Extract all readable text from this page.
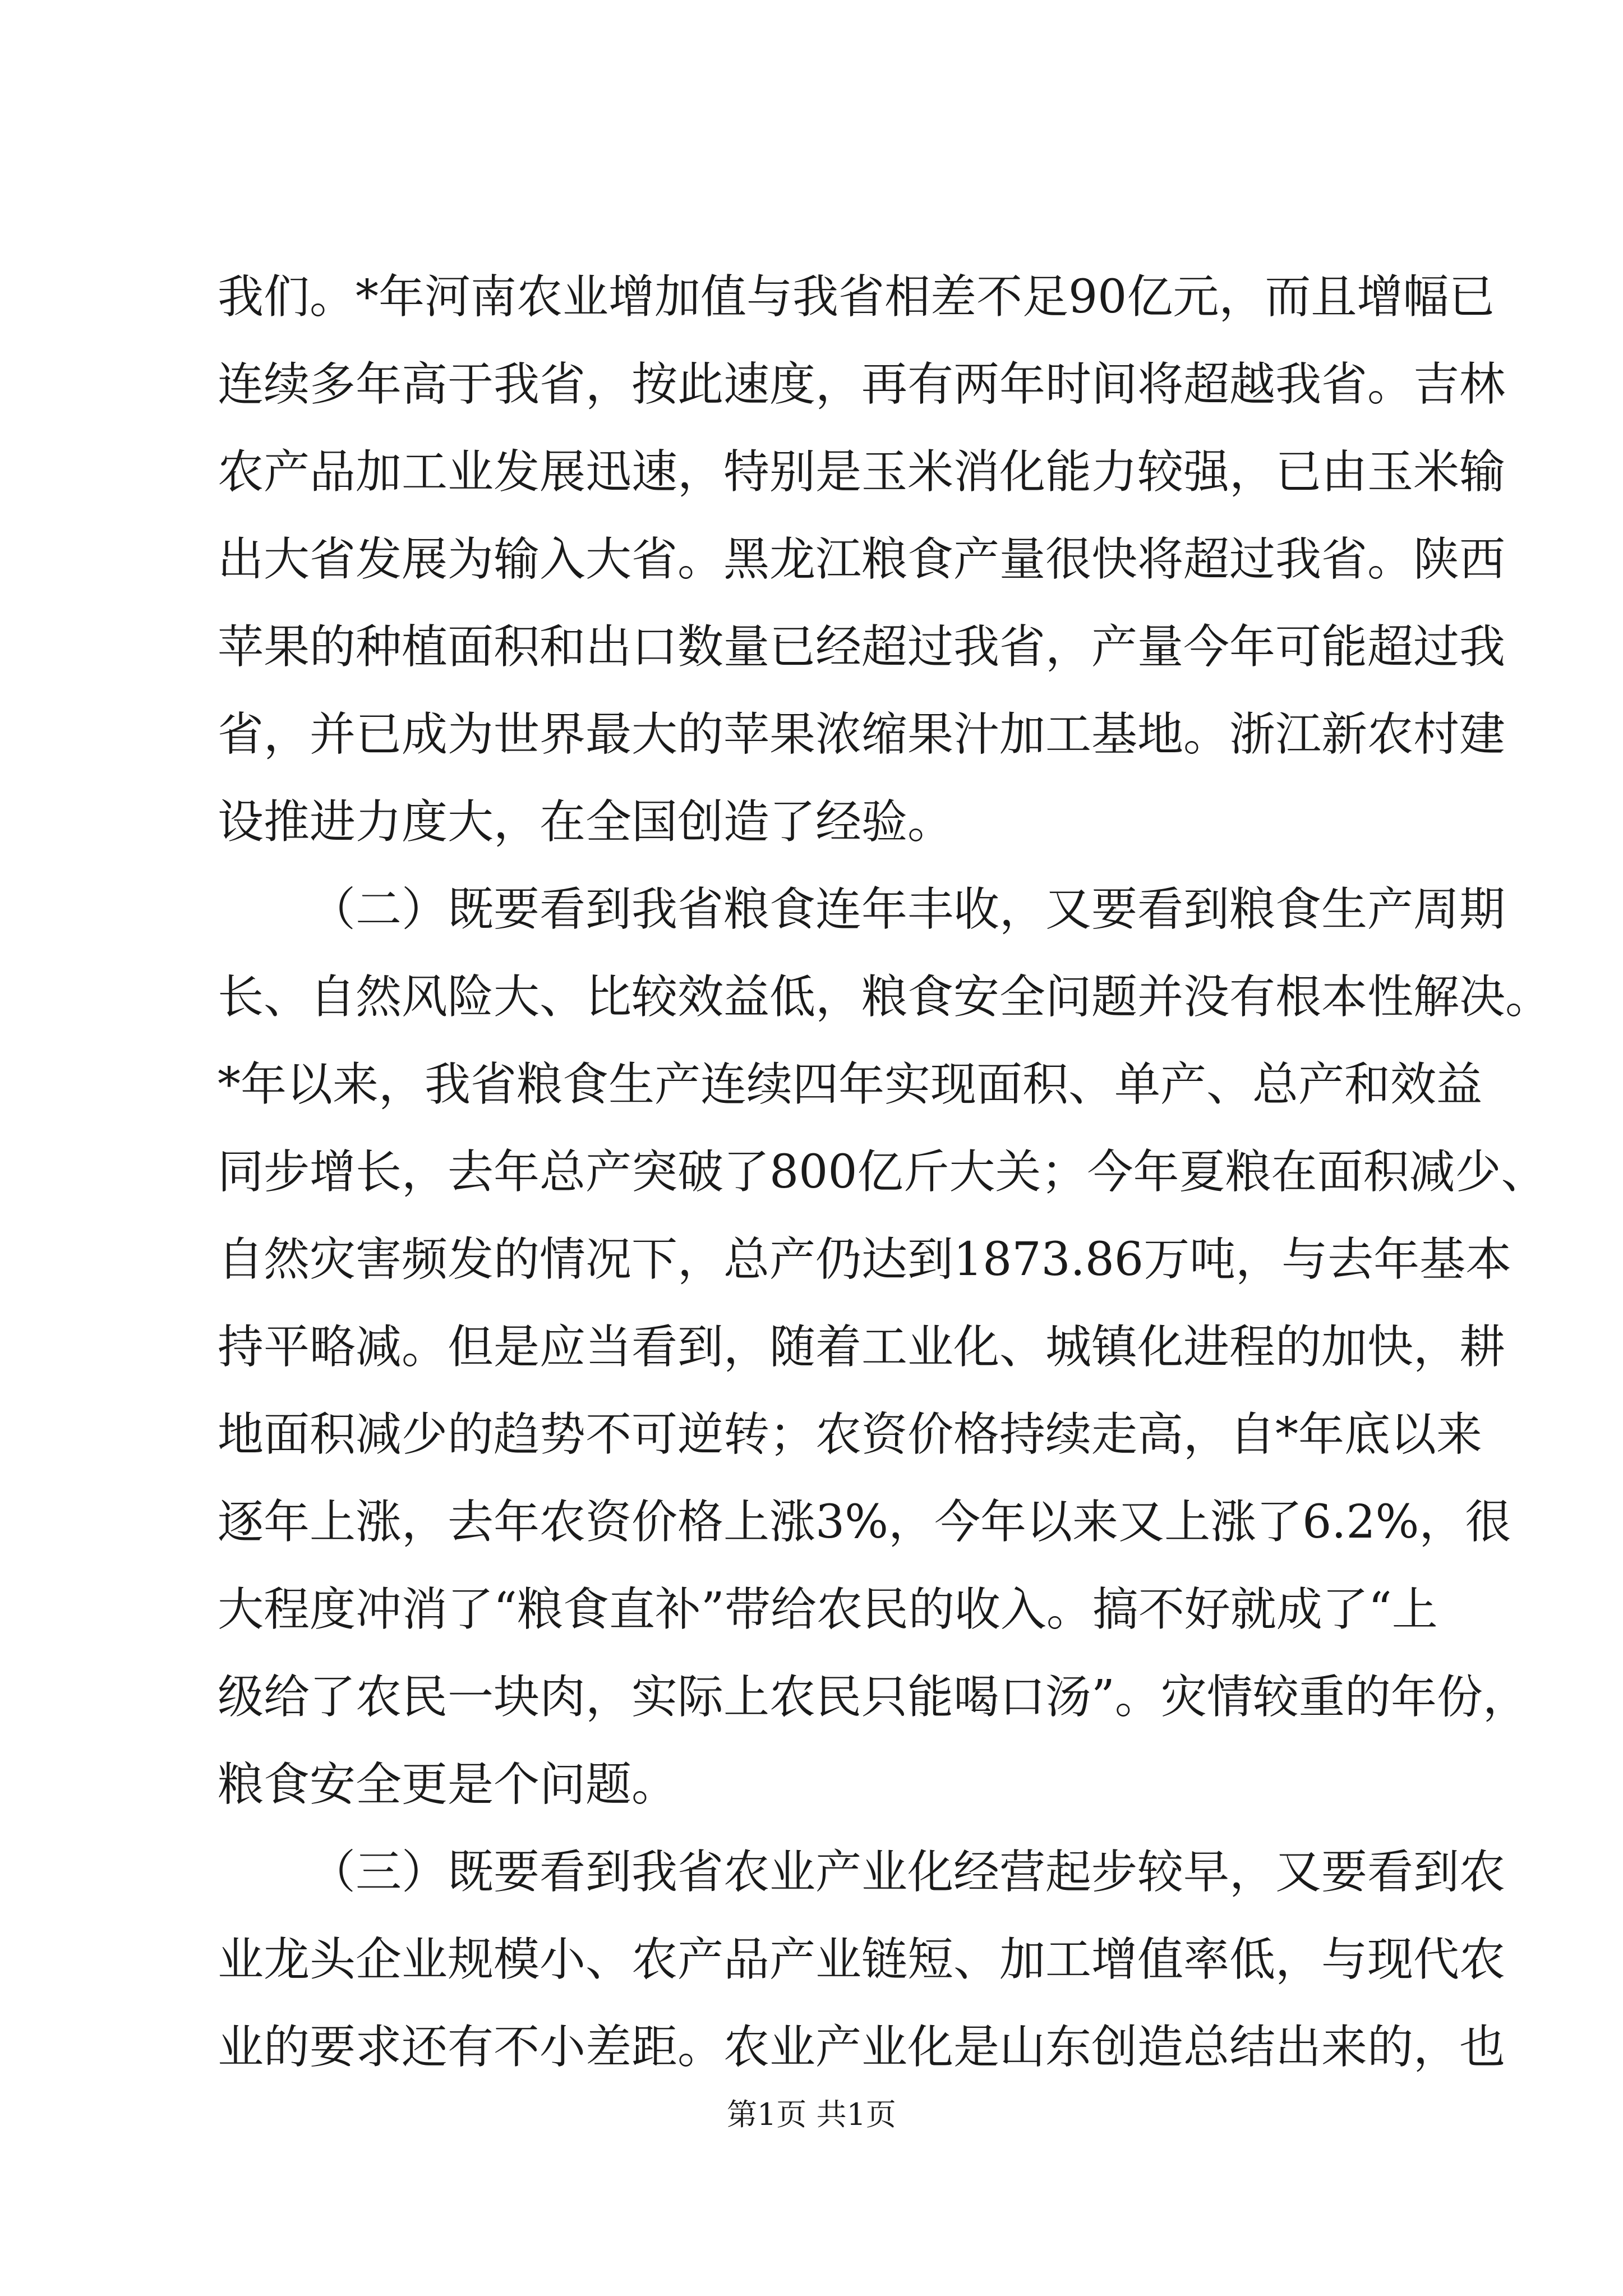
我们。*年河南农业增加值与我省相差不足90亿元，而且增幅已
连续多年高于我省，按此速度，再有两年时间将超越我省。吉林
农产品加工业发展迅速，特别是玉米消化能力较强，已由玉米输
出大省发展为输入大省。黑龙江粮食产量很快将超过我省。陕西
苹果的种植面积和出口数量已经超过我省，产量今年可能超过我
省，并已成为世界最大的苹果浓缩果汁加工基地。浙江新农村建
设推进力度大，在全国创造了经验。
（二）既要看到我省粮食连年丰收，又要看到粮食生产周期
长、自然风险大、比较效益低，粮食安全问题并没有根本性解决。
*年以来，我省粮食生产连续四年实现面积、单产、总产和效益
同步增长，去年总产突破了800亿斤大关；今年夏粮在面积减少、
自然灾害频发的情况下，总产仍达到1873.86万吨，与去年基本
持平略减。但是应当看到，随着工业化、城镇化进程的加快，耕
地面积减少的趋势不可逆转；农资价格持续走高，自*年底以来
逐年上涨，去年农资价格上涨3%，今年以来又上涨了6.2%，很
大程度冲消了“粮食直补”带给农民的收入。搞不好就成了“上
级给了农民一块肉，实际上农民只能喝口汤”。灾情较重的年份，
粮食安全更是个问题。
（三）既要看到我省农业产业化经营起步较早，又要看到农
业龙头企业规模小、农产品产业链短、加工增值率低，与现代农
业的要求还有不小差距。农业产业化是山东创造总结出来的，也
第1页 共1页
